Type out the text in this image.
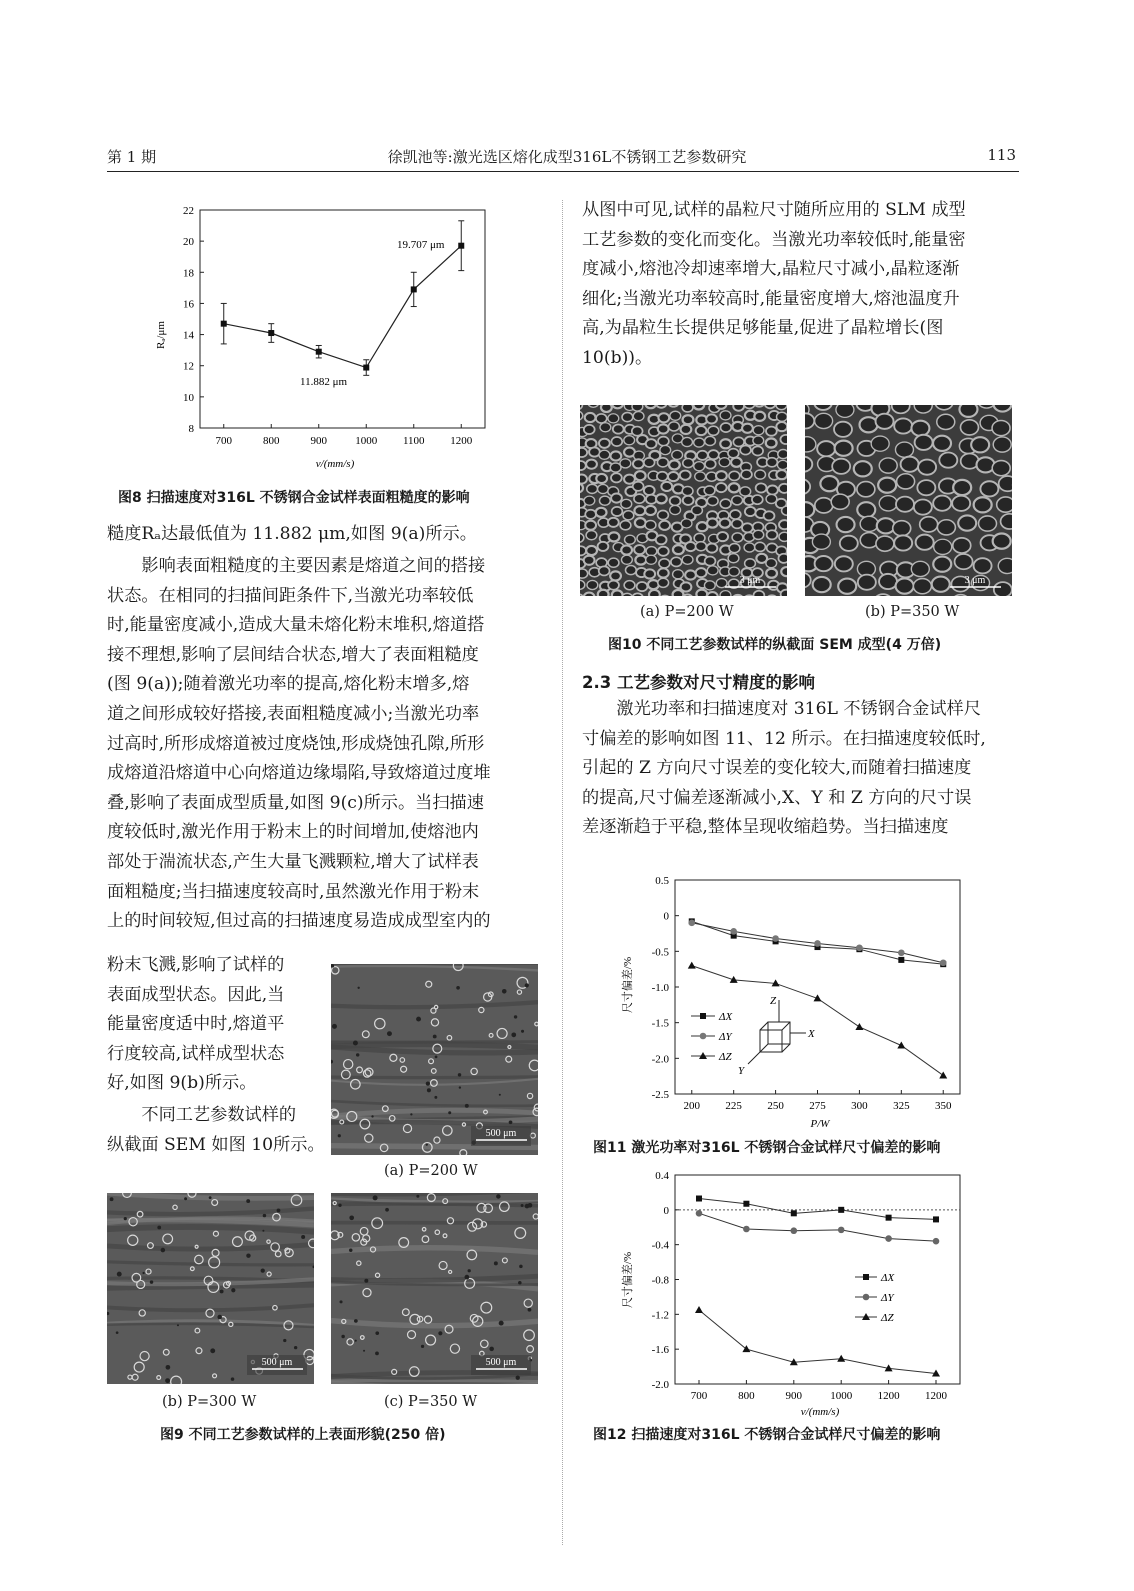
第 1 期	徐凯池等:激光选区熔化成型316L不锈钢工艺参数研究	113
Rₐ/μm
v/(mm/s)
19.707 μm
11.882 μm
8
10
12
14
16
18
20
22
700	800	900	1000 1100 1200
图8 扫描速度对316L 不锈钢合金试样表面粗糙度的影响
糙度Rₐ达最低值为 11.882 μm,如图 9(a)所示。
影响表面粗糙度的主要因素是熔道之间的搭接
状态。在相同的扫描间距条件下,当激光功率较低
时,能量密度减小,造成大量未熔化粉末堆积,熔道搭
接不理想,影响了层间结合状态,增大了表面粗糙度
(图 9(a));随着激光功率的提高,熔化粉末增多,熔
道之间形成较好搭接,表面粗糙度减小;当激光功率
过高时,所形成熔道被过度烧蚀,形成烧蚀孔隙,所形
成熔道沿熔道中心向熔道边缘塌陷,导致熔道过度堆
叠,影响了表面成型质量,如图 9(c)所示。当扫描速
度较低时,激光作用于粉末上的时间增加,使熔池内
部处于湍流状态,产生大量飞溅颗粒,增大了试样表
面粗糙度;当扫描速度较高时,虽然激光作用于粉末
上的时间较短,但过高的扫描速度易造成成型室内的
粉末飞溅,影响了试样的
表面成型状态。因此,当
能量密度适中时,熔道平
行度较高,试样成型状态
好,如图 9(b)所示。
不同工艺参数试样的
纵截面 SEM 如图 10所示。
500 μm
(a) P=200 W
500 μm	500 μm
(b) P=300 W	(c) P=350 W
图9 不同工艺参数试样的上表面形貌(250 倍)
从图中可见,试样的晶粒尺寸随所应用的 SLM 成型
工艺参数的变化而变化。当激光功率较低时,能量密
度减小,熔池冷却速率增大,晶粒尺寸减小,晶粒逐渐
细化;当激光功率较高时,能量密度增大,熔池温度升
高,为晶粒生长提供足够能量,促进了晶粒增长(图
10(b))。
3 μm	3 μm
(a) P=200 W	(b) P=350 W
图10 不同工艺参数试样的纵截面 SEM 成型(4 万倍)
2.3 工艺参数对尺寸精度的影响
激光功率和扫描速度对 316L 不锈钢合金试样尺
寸偏差的影响如图 11、12 所示。在扫描速度较低时,
引起的 Z 方向尺寸误差的变化较大,而随着扫描速度
的提高,尺寸偏差逐渐减小,X、Y 和 Z 方向的尺寸误
差逐渐趋于平稳,整体呈现收缩趋势。当扫描速度
尺寸偏差/%
P/W
-2.5
-2.0
-1.5
-1.0
-0.5
0
0.5
200 225 250 275 300 325 350
ΔX
ΔY
ΔZ
Z
X
Y
图11 激光功率对316L 不锈钢合金试样尺寸偏差的影响
尺寸偏差/%
v/(mm/s)
-2.0
-1.6
-1.2
-0.8
-0.4
0
0.4
700	800	900	1000 1200 1200
ΔX
ΔY
ΔZ
图12 扫描速度对316L 不锈钢合金试样尺寸偏差的影响
